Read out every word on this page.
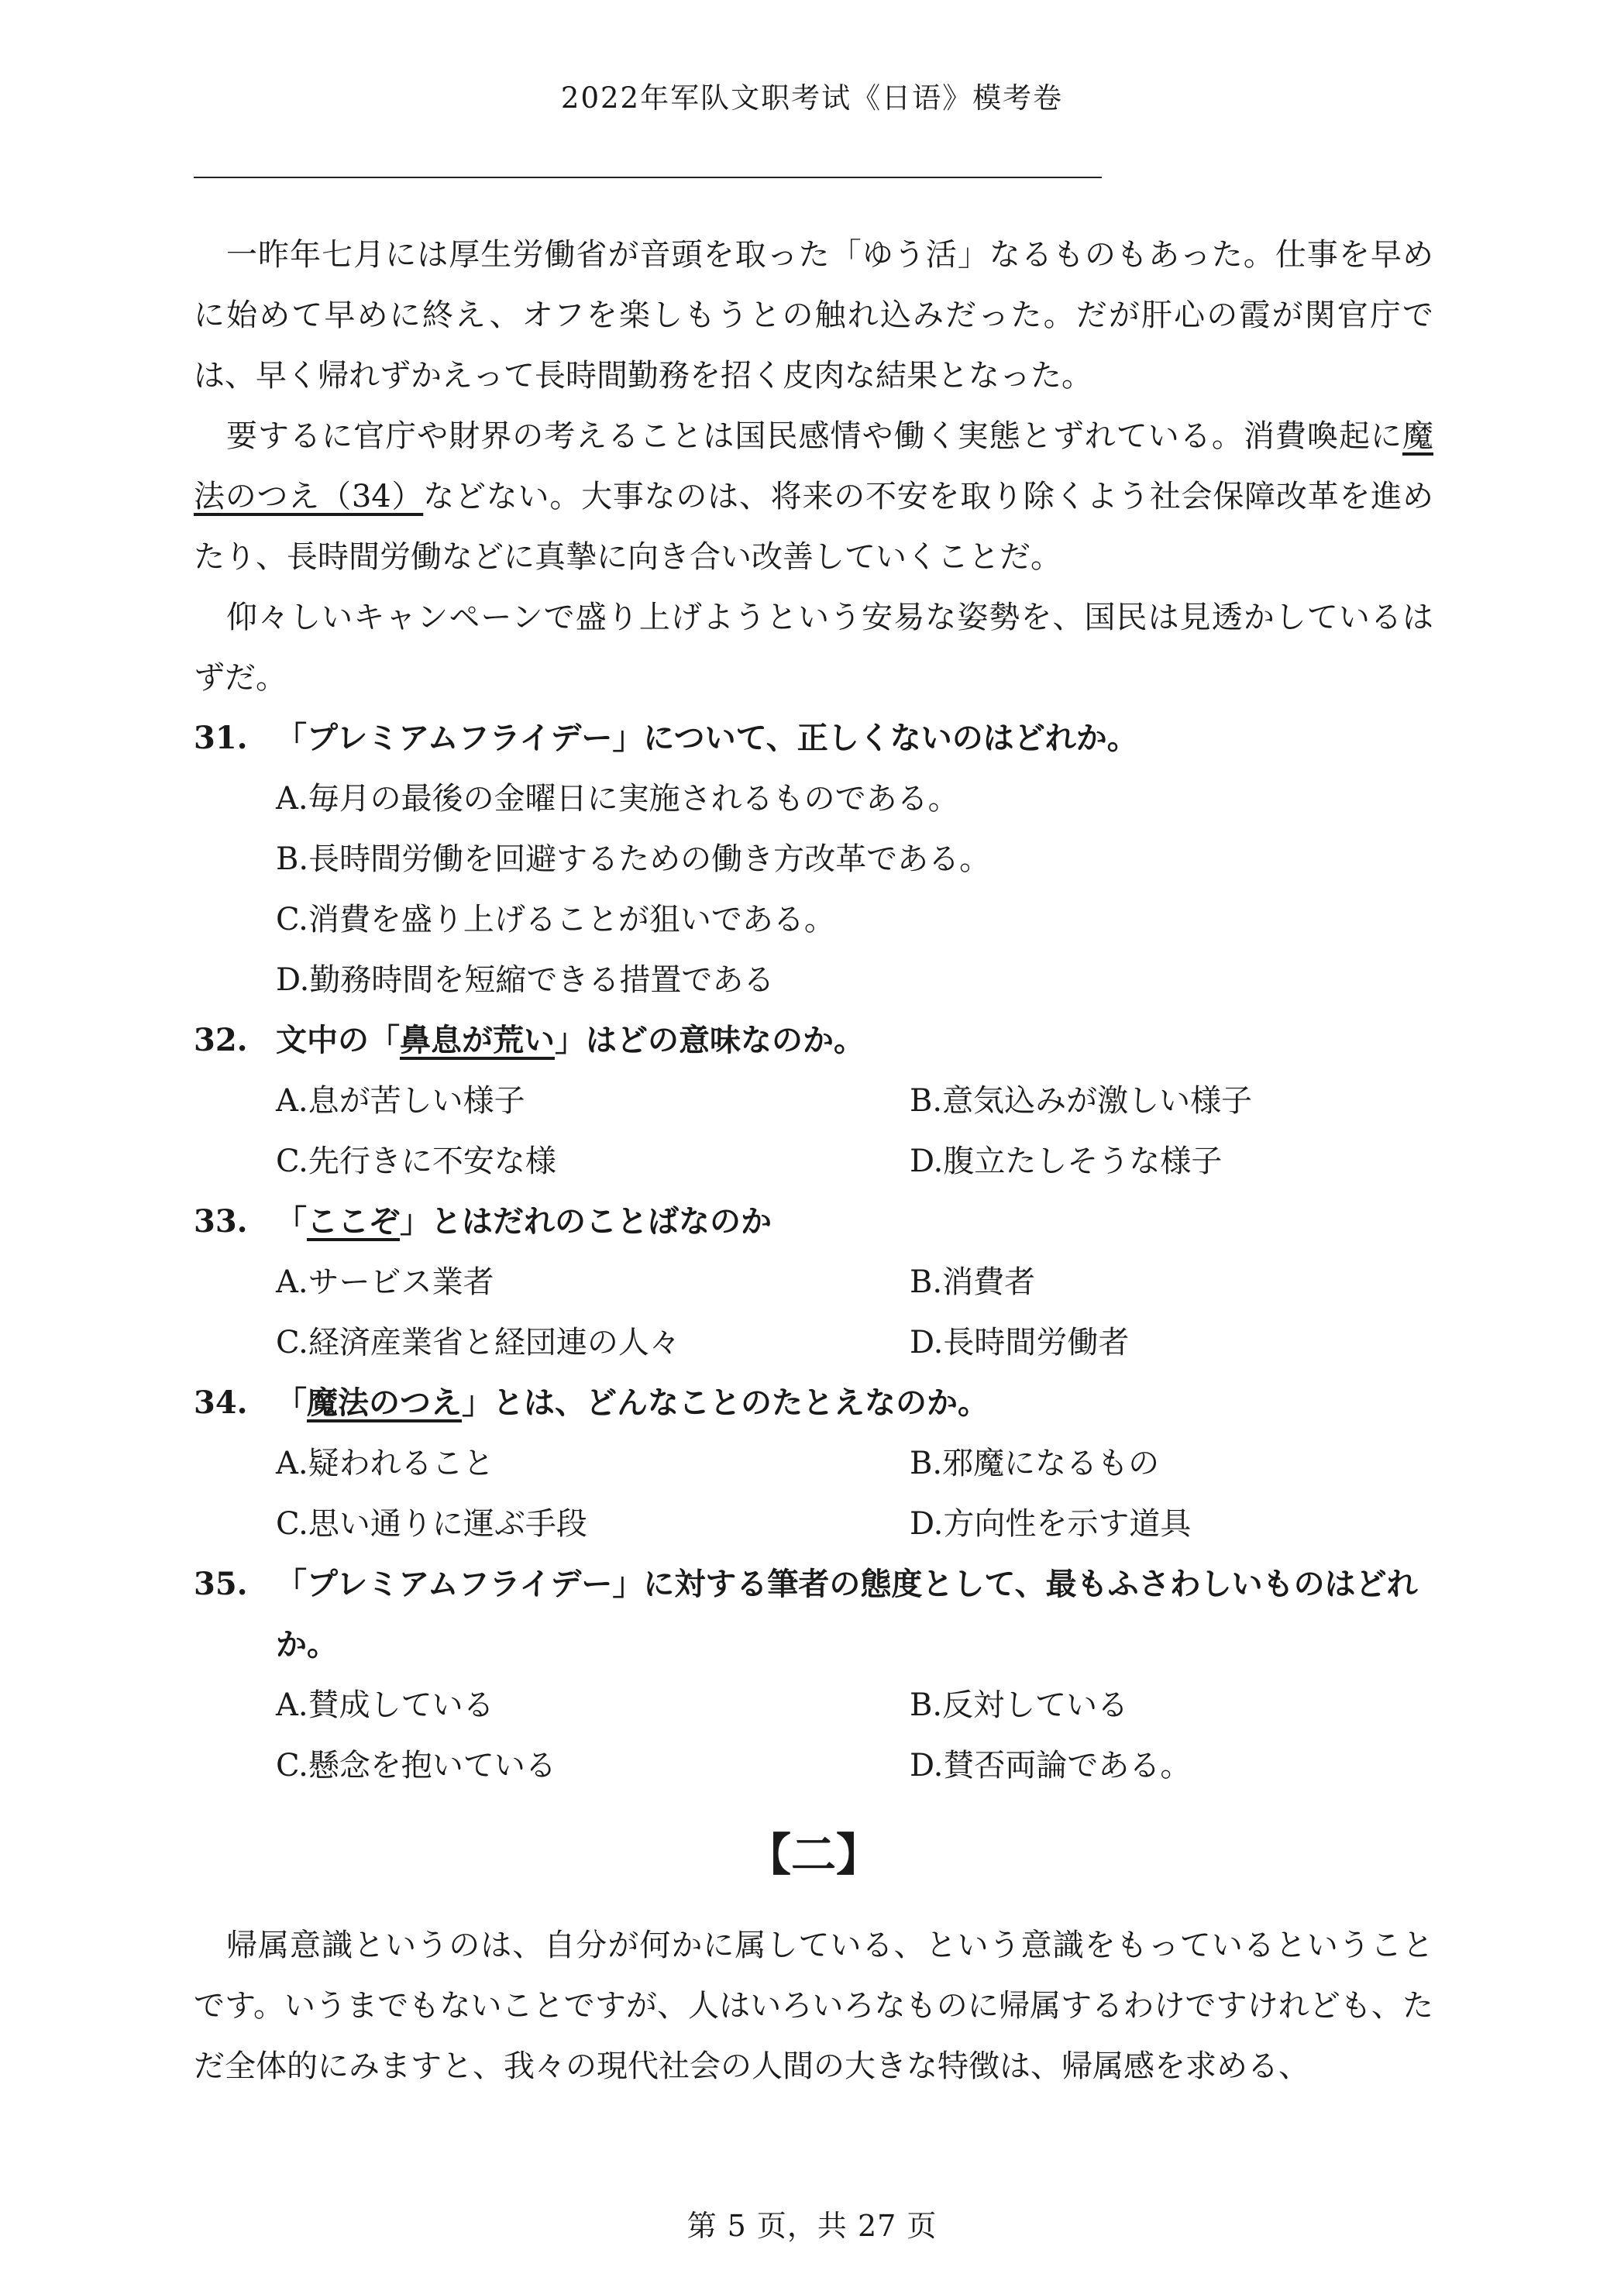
2022年军队文职考试《日语》模考卷

一昨年七月には厚生労働省が音頭を取った「ゆう活」なるものもあった。仕事を早めに始めて早めに終え、オフを楽しもうとの触れ込みだった。だが肝心の霞が関官庁では、早く帰れずかえって長時間勤務を招く皮肉な結果となった。

要するに官庁や財界の考えることは国民感情や働く実態とずれている。消費喚起に魔法のつえ（34）などない。大事なのは、将来の不安を取り除くよう社会保障改革を進めたり、長時間労働などに真摯に向き合い改善していくことだ。

仰々しいキャンペーンで盛り上げようという安易な姿勢を、国民は見透かしているはずだ。

31. 「プレミアムフライデー」について、正しくないのはどれか。
A.毎月の最後の金曜日に実施されるものである。
B.長時間労働を回避するための働き方改革である。
C.消費を盛り上げることが狙いである。
D.勤務時間を短縮できる措置である
32. 文中の「鼻息が荒い」はどの意味なのか。
A.息が苦しい様子	B.意気込みが激しい様子
C.先行きに不安な様	D.腹立たしそうな様子
33. 「ここぞ」とはだれのことばなのか
A.サービス業者	B.消費者
C.経済産業省と経団連の人々	D.長時間労働者
34. 「魔法のつえ」とは、どんなことのたとえなのか。
A.疑われること	B.邪魔になるもの
C.思い通りに運ぶ手段	D.方向性を示す道具
35. 「プレミアムフライデー」に対する筆者の態度として、最もふさわしいものはどれか。
A.賛成している	B.反対している
C.懸念を抱いている	D.賛否両論である。
【二】

帰属意識というのは、自分が何かに属している、という意識をもっているということです。いうまでもないことですが、人はいろいろなものに帰属するわけですけれども、ただ全体的にみますと、我々の現代社会の人間の大きな特徴は、帰属感を求める、

第 5 页，共 27 页
